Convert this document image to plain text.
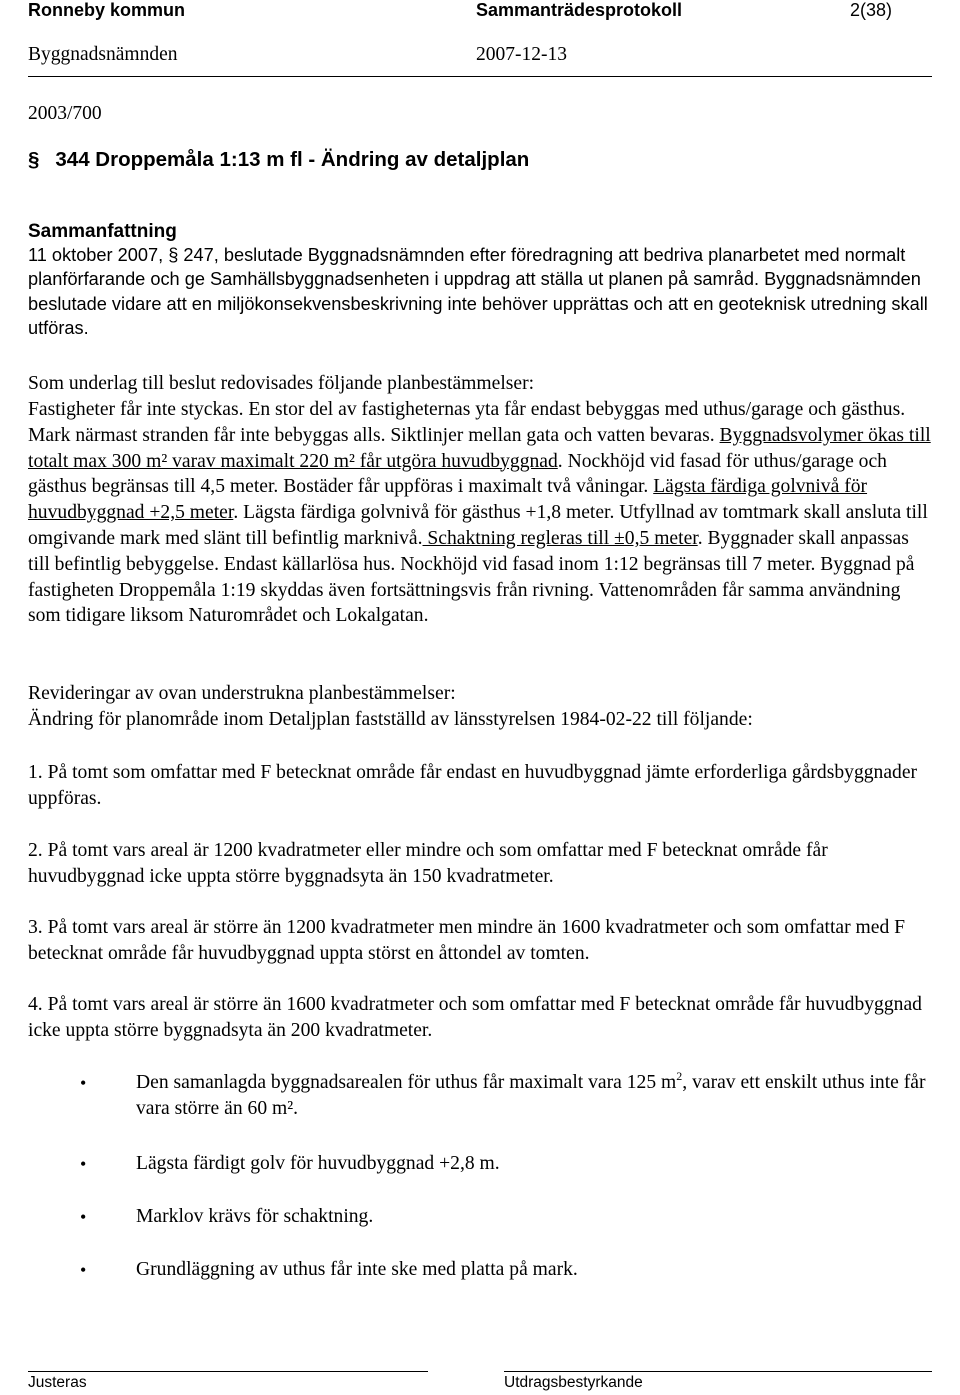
Ronneby kommun	Sammanträdesprotokoll	2(38)
Byggnadsnämnden	2007-12-13
2003/700
§ 344 Droppemåla 1:13 m fl - Ändring av detaljplan
Sammanfattning

11 oktober 2007, § 247, beslutade Byggnadsnämnden efter föredragning att bedriva planarbetet med normalt planförfarande och ge Samhällsbyggnadsenheten i uppdrag att ställa ut planen på samråd. Byggnadsnämnden beslutade vidare att en miljökonsekvensbeskrivning inte behöver upprättas och att en geoteknisk utredning skall utföras.

Som underlag till beslut redovisades följande planbestämmelser:

Fastigheter får inte styckas. En stor del av fastigheternas yta får endast bebyggas med uthus/garage och gästhus. Mark närmast stranden får inte bebyggas alls. Siktlinjer mellan gata och vatten bevaras. Byggnadsvolymer ökas till totalt max 300 m² varav maximalt 220 m² får utgöra huvudbyggnad. Nockhöjd vid fasad för uthus/garage och gästhus begränsas till 4,5 meter. Bostäder får uppföras i maximalt två våningar. Lägsta färdiga golvnivå för huvudbyggnad +2,5 meter. Lägsta färdiga golvnivå för gästhus +1,8 meter. Utfyllnad av tomtmark skall ansluta till omgivande mark med slänt till befintlig marknivå. Schaktning regleras till ±0,5 meter. Byggnader skall anpassas till befintlig bebyggelse. Endast källarlösa hus. Nockhöjd vid fasad inom 1:12 begränsas till 7 meter. Byggnad på fastigheten Droppemåla 1:19 skyddas även fortsättningsvis från rivning. Vattenområden får samma användning som tidigare liksom Naturområdet och Lokalgatan.

Revideringar av ovan understrukna planbestämmelser:

Ändring för planområde inom Detaljplan fastställd av länsstyrelsen 1984-02-22 till följande:

1. På tomt som omfattar med F betecknat område får endast en huvudbyggnad jämte erforderliga gårdsbyggnader uppföras.
2. På tomt vars areal är 1200 kvadratmeter eller mindre och som omfattar med F betecknat område får huvudbyggnad icke uppta större byggnadsyta än 150 kvadratmeter.
3. På tomt vars areal är större än 1200 kvadratmeter men mindre än 1600 kvadratmeter och som omfattar med F betecknat område får huvudbyggnad uppta störst en åttondel av tomten.
4. På tomt vars areal är större än 1600 kvadratmeter och som omfattar med F betecknat område får huvudbyggnad icke uppta större byggnadsyta än 200 kvadratmeter.
•	Den samanlagda byggnadsarealen för uthus får maximalt vara 125 $m^2$, varav ett enskilt uthus inte får vara större än 60 m².
•	Lägsta färdigt golv för huvudbyggnad +2,8 m.
•	Marklov krävs för schaktning.
•	Grundläggning av uthus får inte ske med platta på mark.
Justeras	Utdragsbestyrkande
